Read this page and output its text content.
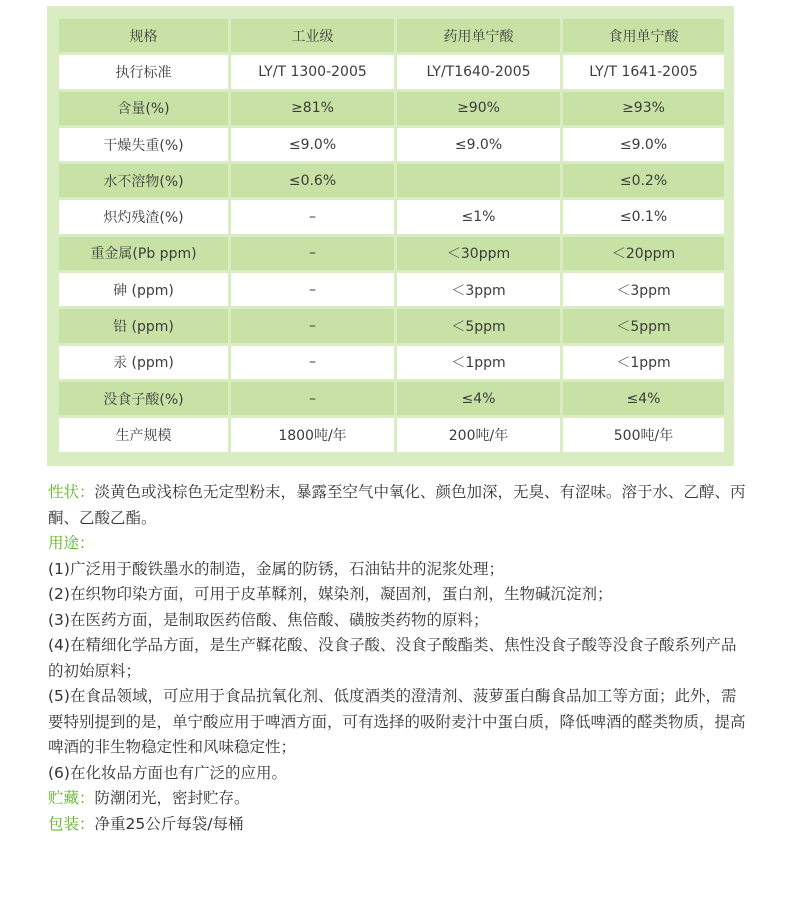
规格	工业级	药用单宁酸	食用单宁酸
执行标准	LY/T 1300-2005	LY/T1640-2005	LY/T 1641-2005
含量(%)	≥81%	≥90%	≥93%
干燥失重(%)	≤9.0%	≤9.0%	≤9.0%
水不溶物(%)	≤0.6%		≤0.2%
炽灼残渣(%)	–	≤1%	≤0.1%
重金属(Pb ppm)	–	＜30ppm	＜20ppm
砷 (ppm)	–	＜3ppm	＜3ppm
铅 (ppm)	–	＜5ppm	＜5ppm
汞 (ppm)	–	＜1ppm	＜1ppm
没食子酸(%)	–	≤4%	≤4%
生产规模	1800吨/年	200吨/年	500吨/年

性状：淡黄色或浅棕色无定型粉末，暴露至空气中氧化、颜色加深，无臭、有涩味。溶于水、乙醇、丙酮、乙酸乙酯。

用途：

(1)广泛用于酸铁墨水的制造，金属的防锈，石油钻井的泥浆处理；

(2)在织物印染方面，可用于皮革鞣剂，媒染剂，凝固剂，蛋白剂，生物碱沉淀剂；

(3)在医药方面，是制取医药倍酸、焦倍酸、磺胺类药物的原料；

(4)在精细化学品方面，是生产鞣花酸、没食子酸、没食子酸酯类、焦性没食子酸等没食子酸系列产品的初始原料；

(5)在食品领域，可应用于食品抗氧化剂、低度酒类的澄清剂、菠萝蛋白酶食品加工等方面；此外，需要特别提到的是，单宁酸应用于啤酒方面，可有选择的吸附麦汁中蛋白质，降低啤酒的醛类物质，提高啤酒的非生物稳定性和风味稳定性；

(6)在化妆品方面也有广泛的应用。

贮藏：防潮闭光，密封贮存。

包装：净重25公斤每袋/每桶
